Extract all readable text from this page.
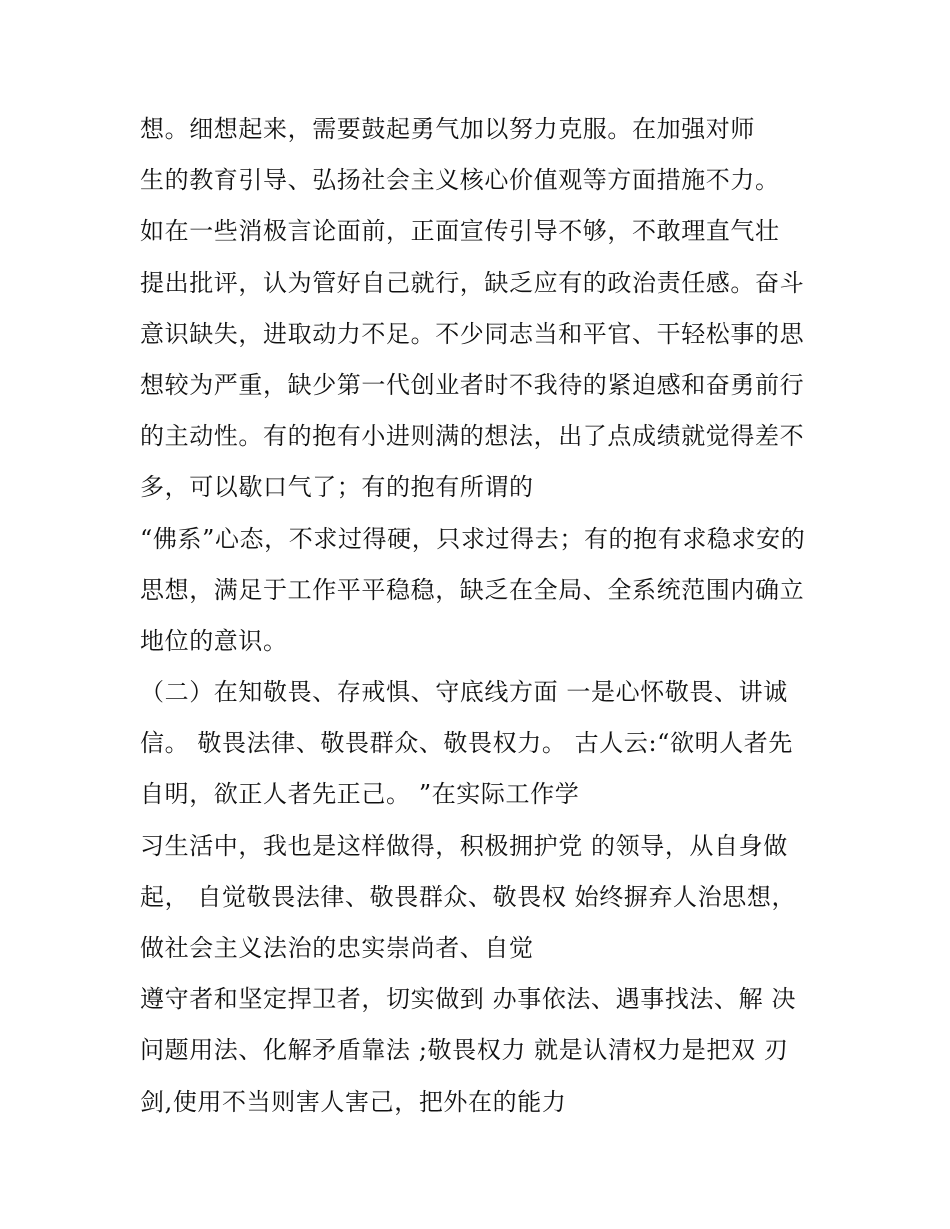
想。细想起来，需要鼓起勇气加以努力克服。在加强对师
生的教育引导、弘扬社会主义核心价值观等方面措施不力。
如在一些消极言论面前，正面宣传引导不够，不敢理直气壮
提出批评，认为管好自己就行，缺乏应有的政治责任感。奋斗
意识缺失，进取动力不足。不少同志当和平官、干轻松事的思
想较为严重，缺少第一代创业者时不我待的紧迫感和奋勇前行
的主动性。有的抱有小进则满的想法，出了点成绩就觉得差不
多，可以歇口气了；有的抱有所谓的
“佛系”心态，不求过得硬，只求过得去；有的抱有求稳求安的
思想，满足于工作平平稳稳，缺乏在全局、全系统范围内确立
地位的意识。
（二）在知敬畏、存戒惧、守底线方面 一是心怀敬畏、讲诚
信。 敬畏法律、敬畏群众、敬畏权力。 古人云:“欲明人者先
自明，欲正人者先正己。 ”在实际工作学
习生活中，我也是这样做得，积极拥护党 的领导，从自身做
起， 自觉敬畏法律、敬畏群众、敬畏权 始终摒弃人治思想，
做社会主义法治的忠实崇尚者、自觉
遵守者和坚定捍卫者，切实做到 办事依法、遇事找法、解 决
问题用法、化解矛盾靠法 ;敬畏权力 就是认清权力是把双 刃
剑,使用不当则害人害己，把外在的能力
